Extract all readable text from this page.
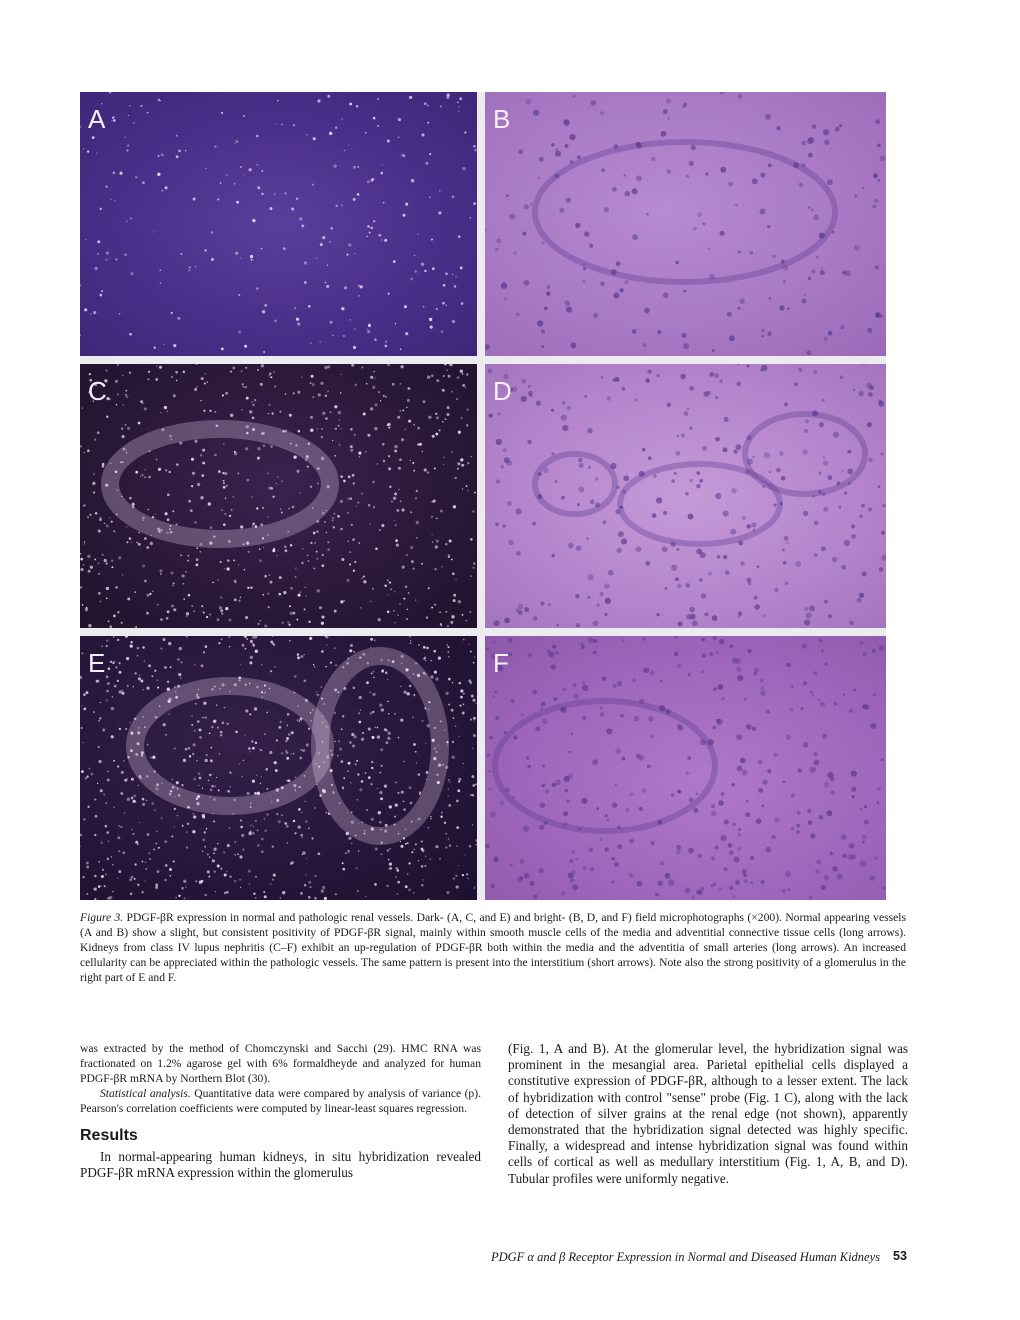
A	B
C	D
E	F
Figure 3. PDGF-βR expression in normal and pathologic renal vessels. Dark- (A, C, and E) and bright- (B, D, and F) field microphotographs (×200). Normal appearing vessels (A and B) show a slight, but consistent positivity of PDGF-βR signal, mainly within smooth muscle cells of the media and adventitial connective tissue cells (long arrows). Kidneys from class IV lupus nephritis (C–F) exhibit an up-regulation of PDGF-βR both within the media and the adventitia of small arteries (long arrows). An increased cellularity can be appreciated within the pathologic vessels. The same pattern is present into the interstitium (short arrows). Note also the strong positivity of a glomerulus in the right part of E and F.

was extracted by the method of Chomczynski and Sacchi (29). HMC RNA was fractionated on 1.2% agarose gel with 6% formaldheyde and analyzed for human PDGF-βR mRNA by Northern Blot (30).

Statistical analysis. Quantitative data were compared by analysis of variance (p). Pearson's correlation coefficients were computed by linear-least squares regression.

Results

In normal-appearing human kidneys, in situ hybridization revealed PDGF-βR mRNA expression within the glomerulus

(Fig. 1, A and B). At the glomerular level, the hybridization signal was prominent in the mesangial area. Parietal epithelial cells displayed a constitutive expression of PDGF-βR, although to a lesser extent. The lack of hybridization with control "sense" probe (Fig. 1 C), along with the lack of detection of silver grains at the renal edge (not shown), apparently demonstrated that the hybridization signal detected was highly specific. Finally, a widespread and intense hybridization signal was found within cells of cortical as well as medullary interstitium (Fig. 1, A, B, and D). Tubular profiles were uniformly negative.

PDGF α and β Receptor Expression in Normal and Diseased Human Kidneys 53
